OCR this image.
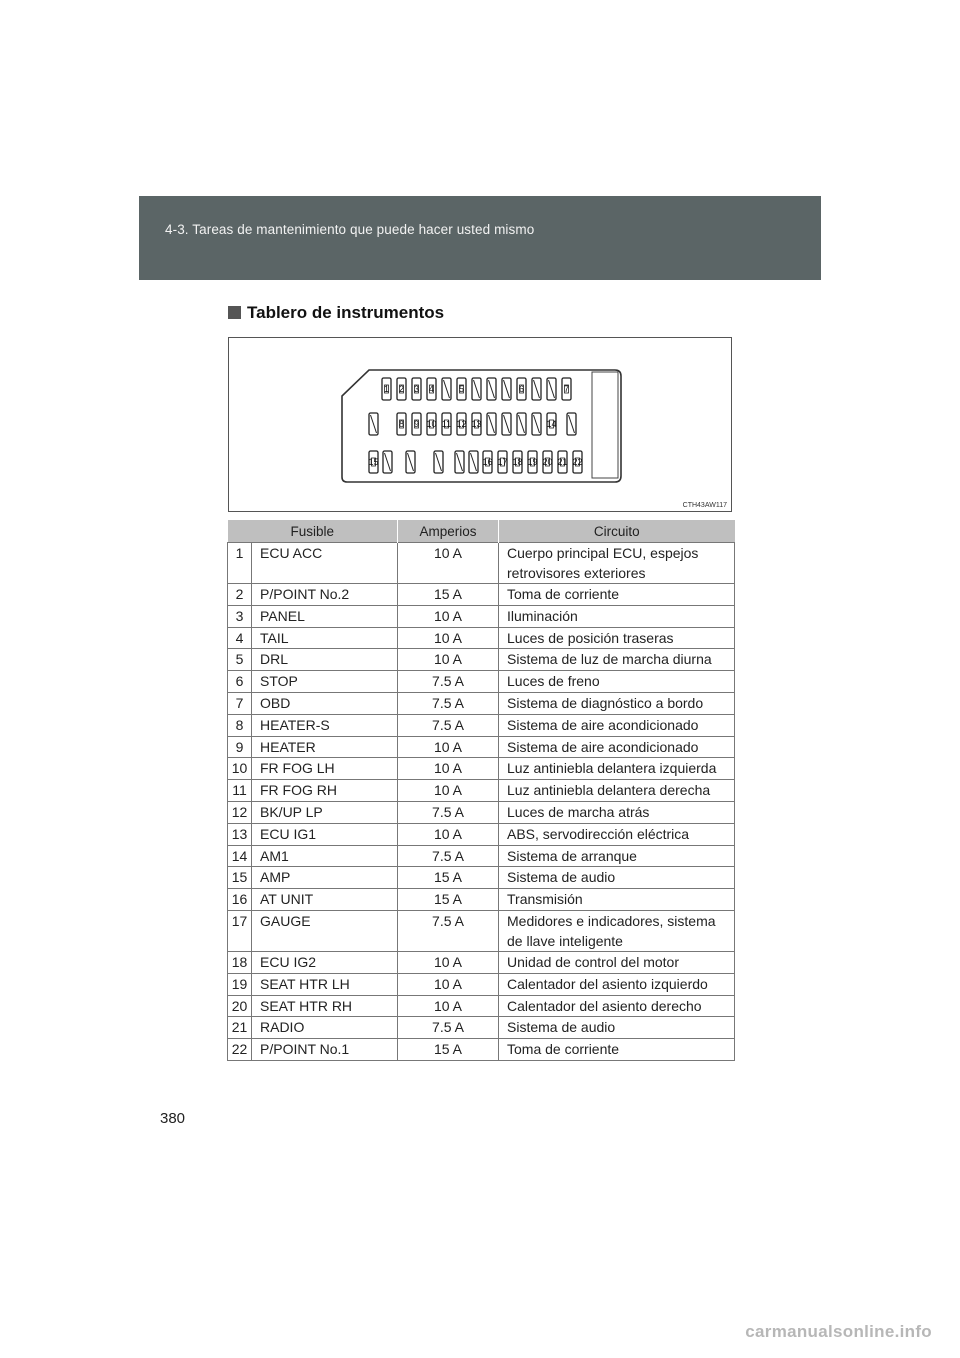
4-3. Tareas de mantenimiento que puede hacer usted mismo
Tablero de instrumentos
1 2 3 4	5	6	7
8 9 10 11 12 13	14
15	16 17 18 19 20 21 22
CTH43AW117
Fusible		Amperios	Circuito
1	ECU ACC	10 A	Cuerpo principal ECU, espejos retrovisores exteriores
2	P/POINT No.2	15 A	Toma de corriente
3	PANEL	10 A	Iluminación
4	TAIL	10 A	Luces de posición traseras
5	DRL	10 A	Sistema de luz de marcha diurna
6	STOP	7.5 A	Luces de freno
7	OBD	7.5 A	Sistema de diagnóstico a bordo
8	HEATER-S	7.5 A	Sistema de aire acondicionado
9	HEATER	10 A	Sistema de aire acondicionado
10	FR FOG LH	10 A	Luz antiniebla delantera izquierda
11	FR FOG RH	10 A	Luz antiniebla delantera derecha
12	BK/UP LP	7.5 A	Luces de marcha atrás
13	ECU IG1	10 A	ABS, servodirección eléctrica
14	AM1	7.5 A	Sistema de arranque
15	AMP	15 A	Sistema de audio
16	AT UNIT	15 A	Transmisión
17	GAUGE	7.5 A	Medidores e indicadores, sistema de llave inteligente
18	ECU IG2	10 A	Unidad de control del motor
19	SEAT HTR LH	10 A	Calentador del asiento izquierdo
20	SEAT HTR RH	10 A	Calentador del asiento derecho
21	RADIO	7.5 A	Sistema de audio
22	P/POINT No.1	15 A	Toma de corriente
380
carmanualsonline.info
